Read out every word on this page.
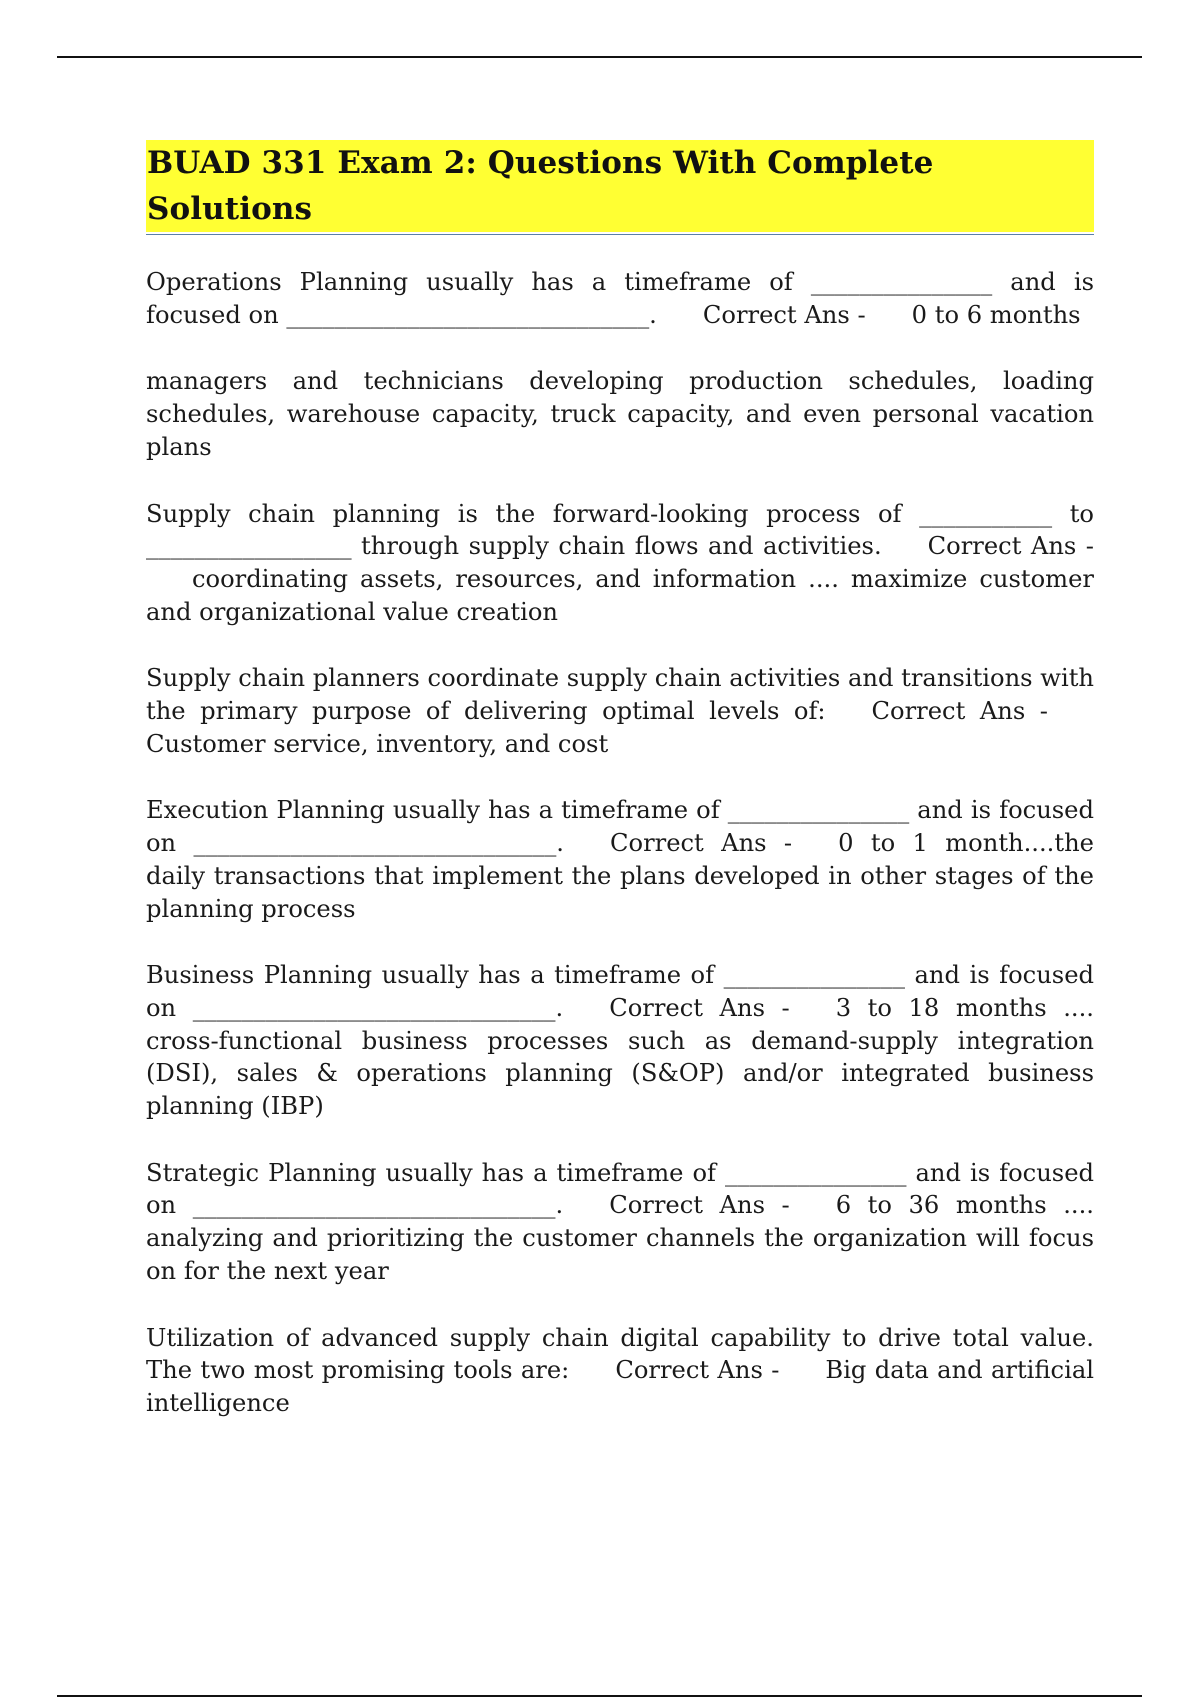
BUAD 331 Exam 2: Questions With Complete Solutions
Operations Planning usually has a timeframe of _______________ and is focused on ______________________________. Correct Ans - 0 to 6 months
managers and technicians developing production schedules, loading schedules, warehouse capacity, truck capacity, and even personal vacation plans
Supply chain planning is the forward-looking process of ___________ to _________________ through supply chain flows and activities. Correct Ans -coordinating assets, resources, and information .... maximize customer and organizational value creation
Supply chain planners coordinate supply chain activities and transitions with the primary purpose of delivering optimal levels of: Correct Ans -Customer service, inventory, and cost
Execution Planning usually has a timeframe of _______________ and is focused on ______________________________. Correct Ans - 0 to 1 month....the daily transactions that implement the plans developed in other stages of the planning process
Business Planning usually has a timeframe of _______________ and is focused on ______________________________. Correct Ans - 3 to 18 months .... cross-functional business processes such as demand-supply integration (DSI), sales & operations planning (S&OP) and/or integrated business planning (IBP)
Strategic Planning usually has a timeframe of _______________ and is focused on ______________________________. Correct Ans - 6 to 36 months .... analyzing and prioritizing the customer channels the organization will focus on for the next year
Utilization of advanced supply chain digital capability to drive total value. The two most promising tools are: Correct Ans - Big data and artificial intelligence
